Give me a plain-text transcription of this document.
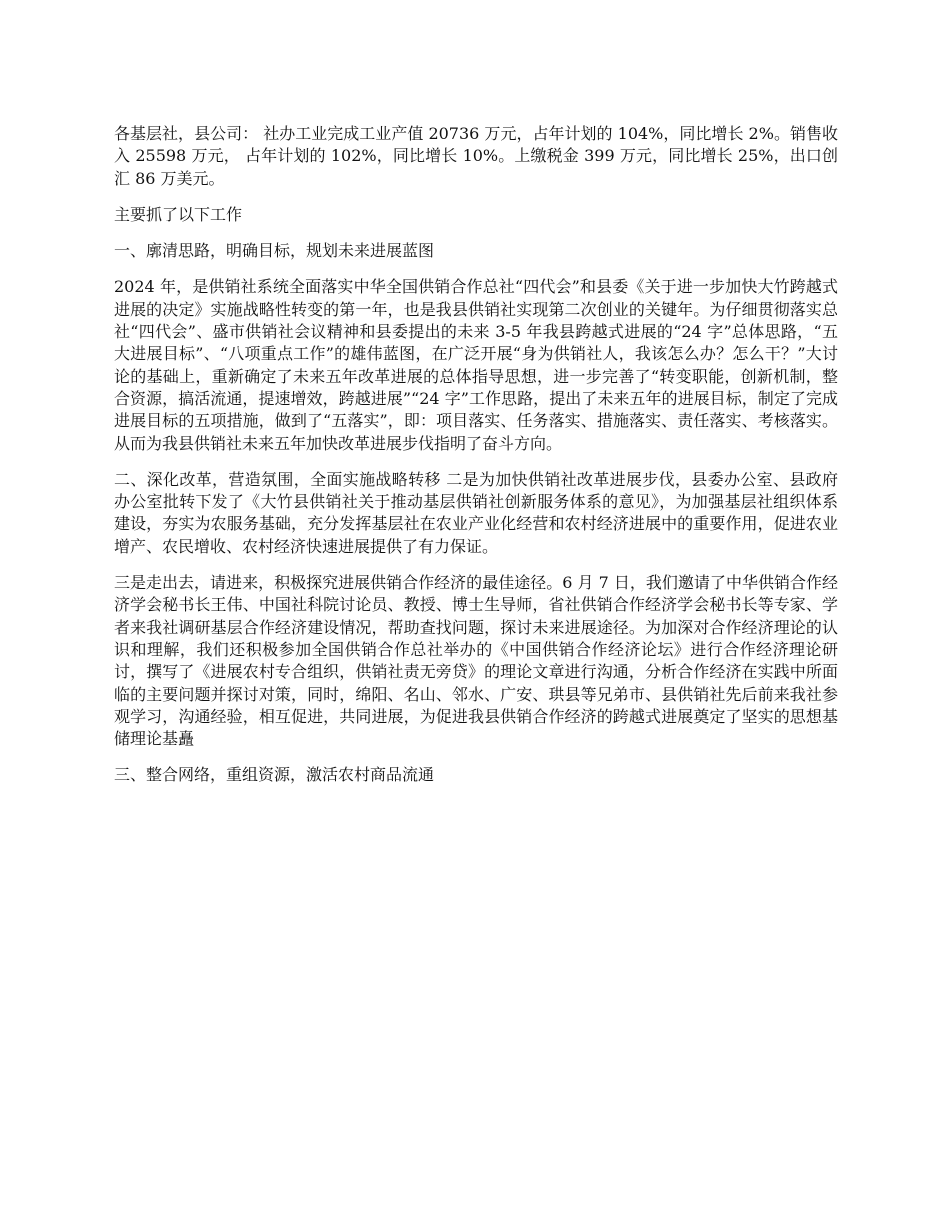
各基层社，县公司： 社办工业完成工业产值 20736 万元，占年计划的 104%，同比增长 2%。销售收入 25598 万元， 占年计划的 102%，同比增长 10%。上缴税金 399 万元，同比增长 25%，出口创汇 86 万美元。

主要抓了以下工作

一、廓清思路，明确目标，规划未来进展蓝图

2024 年，是供销社系统全面落实中华全国供销合作总社“四代会”和县委《关于进一步加快大竹跨越式进展的决定》实施战略性转变的第一年，也是我县供销社实现第二次创业的关键年。为仔细贯彻落实总社“四代会”、盛市供销社会议精神和县委提出的未来 3-5 年我县跨越式进展的“24 字”总体思路，“五大进展目标”、“八项重点工作”的雄伟蓝图，在广泛开展“身为供销社人，我该怎么办？怎么干？”大讨论的基础上，重新确定了未来五年改革进展的总体指导思想，进一步完善了“转变职能，创新机制，整合资源，搞活流通，提速增效，跨越进展”“24 字”工作思路，提出了未来五年的进展目标，制定了完成进展目标的五项措施，做到了“五落实”，即：项目落实、任务落实、措施落实、责任落实、考核落实。从而为我县供销社未来五年加快改革进展步伐指明了奋斗方向。

二、深化改革，营造氛围，全面实施战略转移 二是为加快供销社改革进展步伐，县委办公室、县政府办公室批转下发了《大竹县供销社关于推动基层供销社创新服务体系的意见》，为加强基层社组织体系建设，夯实为农服务基础，充分发挥基层社在农业产业化经营和农村经济进展中的重要作用，促进农业增产、农民增收、农村经济快速进展提供了有力保证。

三是走出去，请进来，积极探究进展供销合作经济的最佳途径。6 月 7 日，我们邀请了中华供销合作经济学会秘书长王伟、中国社科院讨论员、教授、博士生导师，省社供销合作经济学会秘书长等专家、学者来我社调研基层合作经济建设情况，帮助查找问题，探讨未来进展途径。为加深对合作经济理论的认识和理解，我们还积极参加全国供销合作总社举办的《中国供销合作经济论坛》进行合作经济理论研讨，撰写了《进展农村专合组织，供销社责无旁贷》的理论文章进行沟通，分析合作经济在实践中所面临的主要问题并探讨对策，同时，绵阳、名山、邻水、广安、珙县等兄弟市、县供销社先后前来我社参观学习，沟通经验，相互促进，共同进展，为促进我县供销合作经济的跨越式进展奠定了坚实的思想基储理论基矗

三、整合网络，重组资源，激活农村商品流通
